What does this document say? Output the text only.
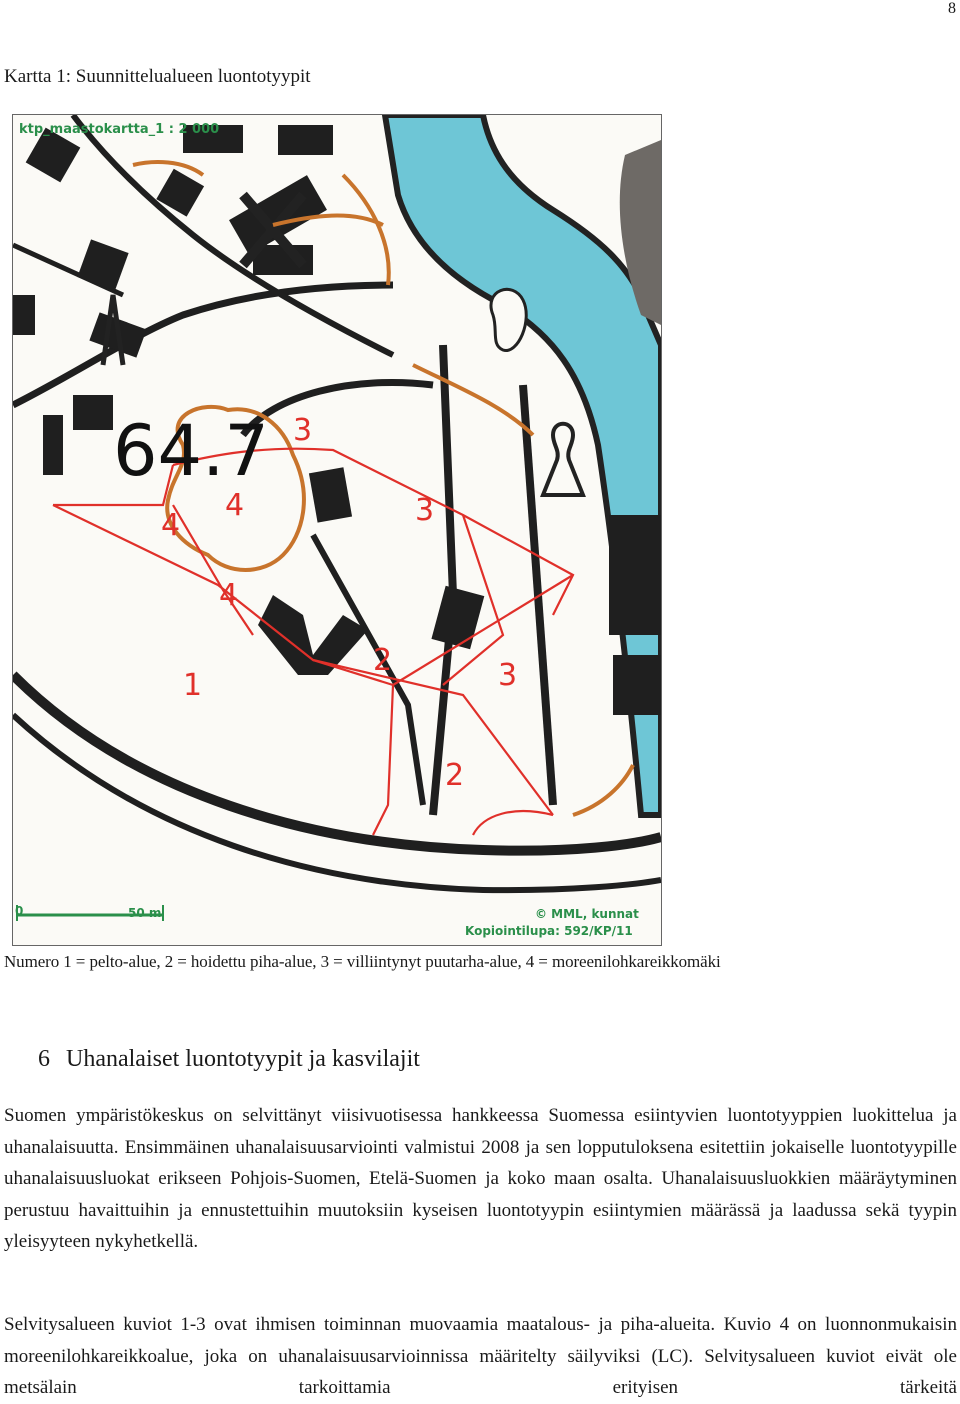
8
Kartta 1: Suunnittelualueen luontotyypit
ktp_maastokartta_1 : 2 000
64.7 3
4
4
4
3
1
2	3
2
0	50 m	© MML, kunnat
Kopiointilupa: 592/KP/11
Numero 1 = pelto-alue, 2 = hoidettu piha-alue, 3 = villiintynyt puutarha-alue, 4 = moreenilohkareikkomäki
6 Uhanalaiset luontotyypit ja kasvilajit

Suomen ympäristökeskus on selvittänyt viisivuotisessa hankkeessa Suomessa esiintyvien luontotyyppien luokittelua ja uhanalaisuutta. Ensimmäinen uhanalaisuusarviointi valmistui 2008 ja sen lopputuloksena esitettiin jokaiselle luontotyypille uhanalaisuusluokat erikseen Pohjois-Suomen, Etelä-Suomen ja koko maan osalta. Uhanalaisuusluokkien määräytyminen perustuu havaittuihin ja ennustettuihin muutoksiin kyseisen luontotyypin esiintymien määrässä ja laadussa sekä tyypin yleisyyteen nykyhetkellä.

Selvitysalueen kuviot 1-3 ovat ihmisen toiminnan muovaamia maatalous- ja piha-alueita. Kuvio 4 on luonnonmukaisin moreenilohkareikkoalue, joka on uhanalaisuusarvioinnissa määritelty säilyviksi (LC). Selvitysalueen kuviot eivät ole metsälain tarkoittamia erityisen tärkeitä
